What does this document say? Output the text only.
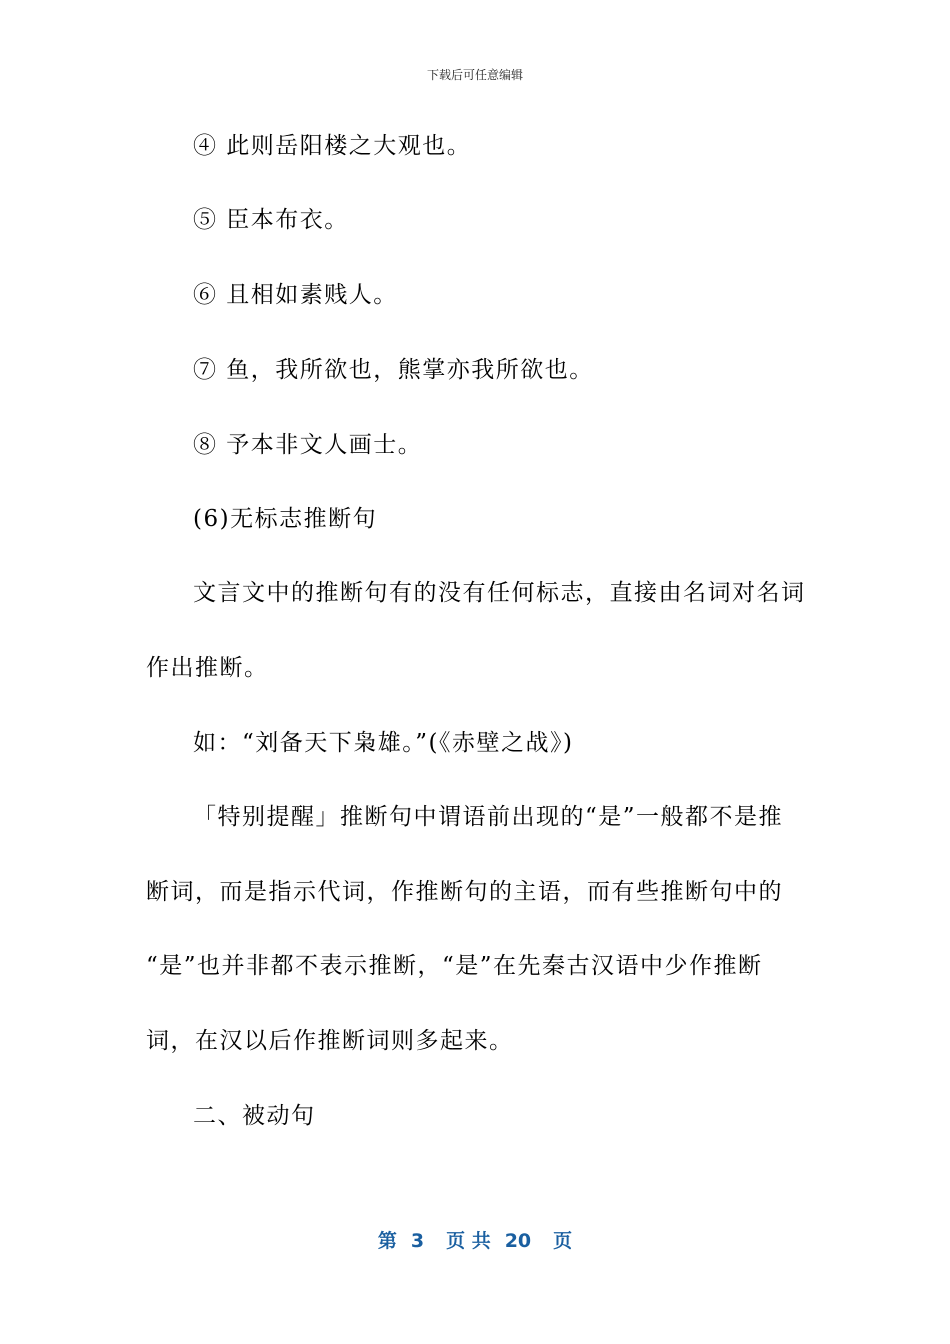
下载后可任意编辑
④ 此则岳阳楼之大观也。
⑤ 臣本布衣。
⑥ 且相如素贱人。
⑦ 鱼，我所欲也，熊掌亦我所欲也。
⑧ 予本非文人画士。
(6)无标志推断句
文言文中的推断句有的没有任何标志，直接由名词对名词
作出推断。
如：“刘备天下枭雄。”(《赤壁之战》)
「特别提醒」推断句中谓语前出现的“是”一般都不是推
断词，而是指示代词，作推断句的主语，而有些推断句中的
“是”也并非都不表示推断，“是”在先秦古汉语中少作推断
词，在汉以后作推断词则多起来。
二、被动句
第 3 页 共 20 页
